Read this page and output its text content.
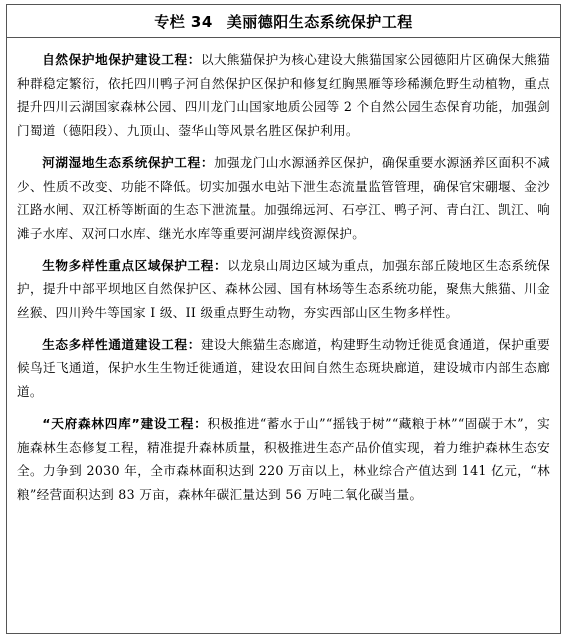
专栏 34 美丽德阳生态系统保护工程

自然保护地保护建设工程：以大熊猫保护为核心建设大熊猫国家公园德阳片区确保大熊猫种群稳定繁衍，依托四川鸭子河自然保护区保护和修复红胸黑雁等珍稀濒危野生动植物，重点提升四川云湖国家森林公园、四川龙门山国家地质公园等 2 个自然公园生态保育功能，加强剑门蜀道（德阳段）、九顶山、蓥华山等风景名胜区保护利用。

河湖湿地生态系统保护工程：加强龙门山水源涵养区保护，确保重要水源涵养区面积不减少、性质不改变、功能不降低。切实加强水电站下泄生态流量监管管理，确保官宋硼堰、金沙江路水闸、双江桥等断面的生态下泄流量。加强绵远河、石亭江、鸭子河、青白江、凯江、响滩子水库、双河口水库、继光水库等重要河湖岸线资源保护。

生物多样性重点区域保护工程：以龙泉山周边区域为重点，加强东部丘陵地区生态系统保护，提升中部平坝地区自然保护区、森林公园、国有林场等生态系统功能，聚焦大熊猫、川金丝猴、四川羚牛等国家 I 级、II 级重点野生动物，夯实西部山区生物多样性。

生态多样性通道建设工程：建设大熊猫生态廊道，构建野生动物迁徙觅食通道，保护重要候鸟迁飞通道，保护水生生物迁徙通道，建设农田间自然生态斑块廊道，建设城市内部生态廊道。

“天府森林四库”建设工程：积极推进“蓄水于山”“摇钱于树”“藏粮于林”“固碳于木”，实施森林生态修复工程，精准提升森林质量，积极推进生态产品价值实现，着力维护森林生态安全。力争到 2030 年，全市森林面积达到 220 万亩以上，林业综合产值达到 141 亿元，“林粮”经营面积达到 83 万亩，森林年碳汇量达到 56 万吨二氧化碳当量。
